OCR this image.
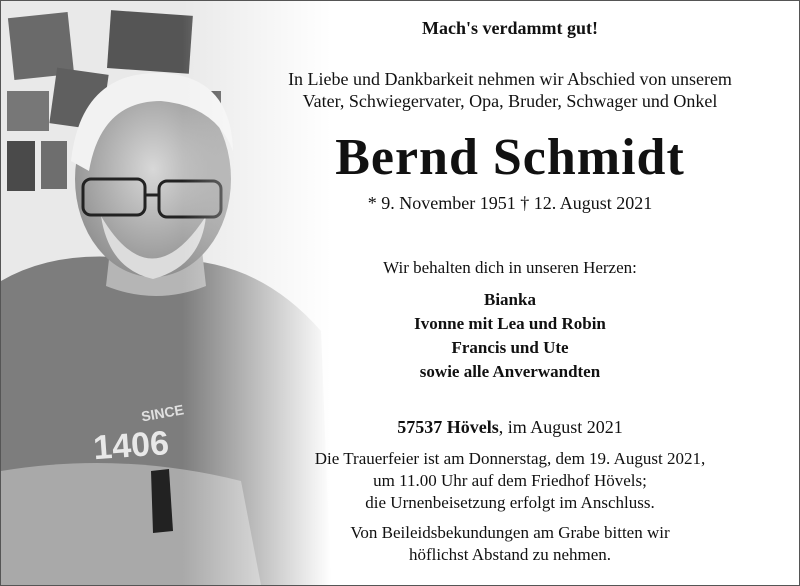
Mach's verdammt gut!
In Liebe und Dankbarkeit nehmen wir Abschied von unserem
Vater, Schwiegervater, Opa, Bruder, Schwager und Onkel
Bernd Schmidt
* 9. November 1951 † 12. August 2021
Wir behalten dich in unseren Herzen:
Bianka
Ivonne mit Lea und Robin
Francis und Ute
sowie alle Anverwandten
57537 Hövels, im August 2021
Die Trauerfeier ist am Donnerstag, dem 19. August 2021,
um 11.00 Uhr auf dem Friedhof Hövels;
die Urnenbeisetzung erfolgt im Anschluss.
Von Beileidsbekundungen am Grabe bitten wir
höflichst Abstand zu nehmen.
